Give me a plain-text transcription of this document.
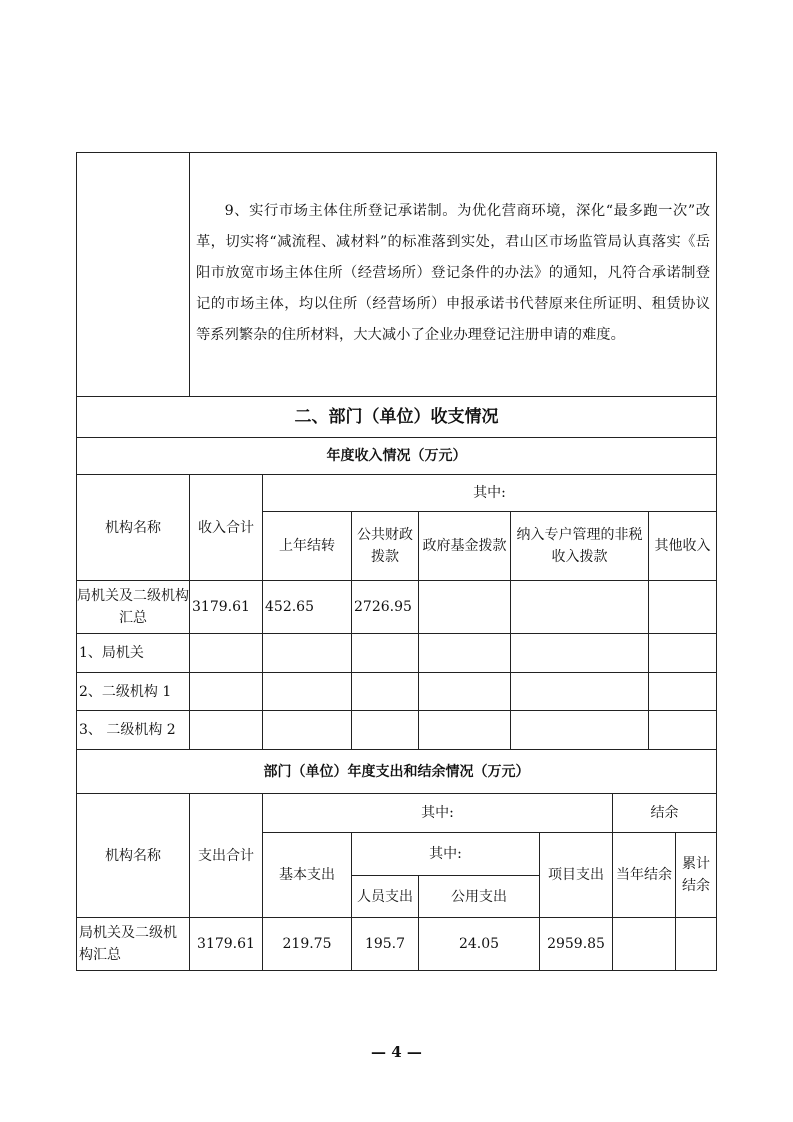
9、实行市场主体住所登记承诺制。为优化营商环境，深化“最多跑一次”改革，切实将“减流程、减材料”的标准落到实处，君山区市场监管局认真落实《岳阳市放宽市场主体住所（经营场所）登记条件的办法》的通知，凡符合承诺制登记的市场主体，均以住所（经营场所）申报承诺书代替原来住所证明、租赁协议等系列繁杂的住所材料，大大减小了企业办理登记注册申请的难度。

二、部门（单位）收支情况
年度收入情况（万元）
机构名称	收入合计	其中:				
		上年结转	公共财政拨款	政府基金拨款	纳入专户管理的非税收入拨款	其他收入
局机关及二级机构汇总	3179.61	452.65	2726.95			
1、局机关						
2、二级机构 1						
3、 二级机构 2						
部门（单位）年度支出和结余情况（万元）						
机构名称	支出合计	其中:				结余	
		基本支出	其中:		项目支出	当年结余	累计结余
			人员支出	公用支出			
局机关及二级机构汇总	3179.61	219.75	195.7	24.05	2959.85		
— 4 —
